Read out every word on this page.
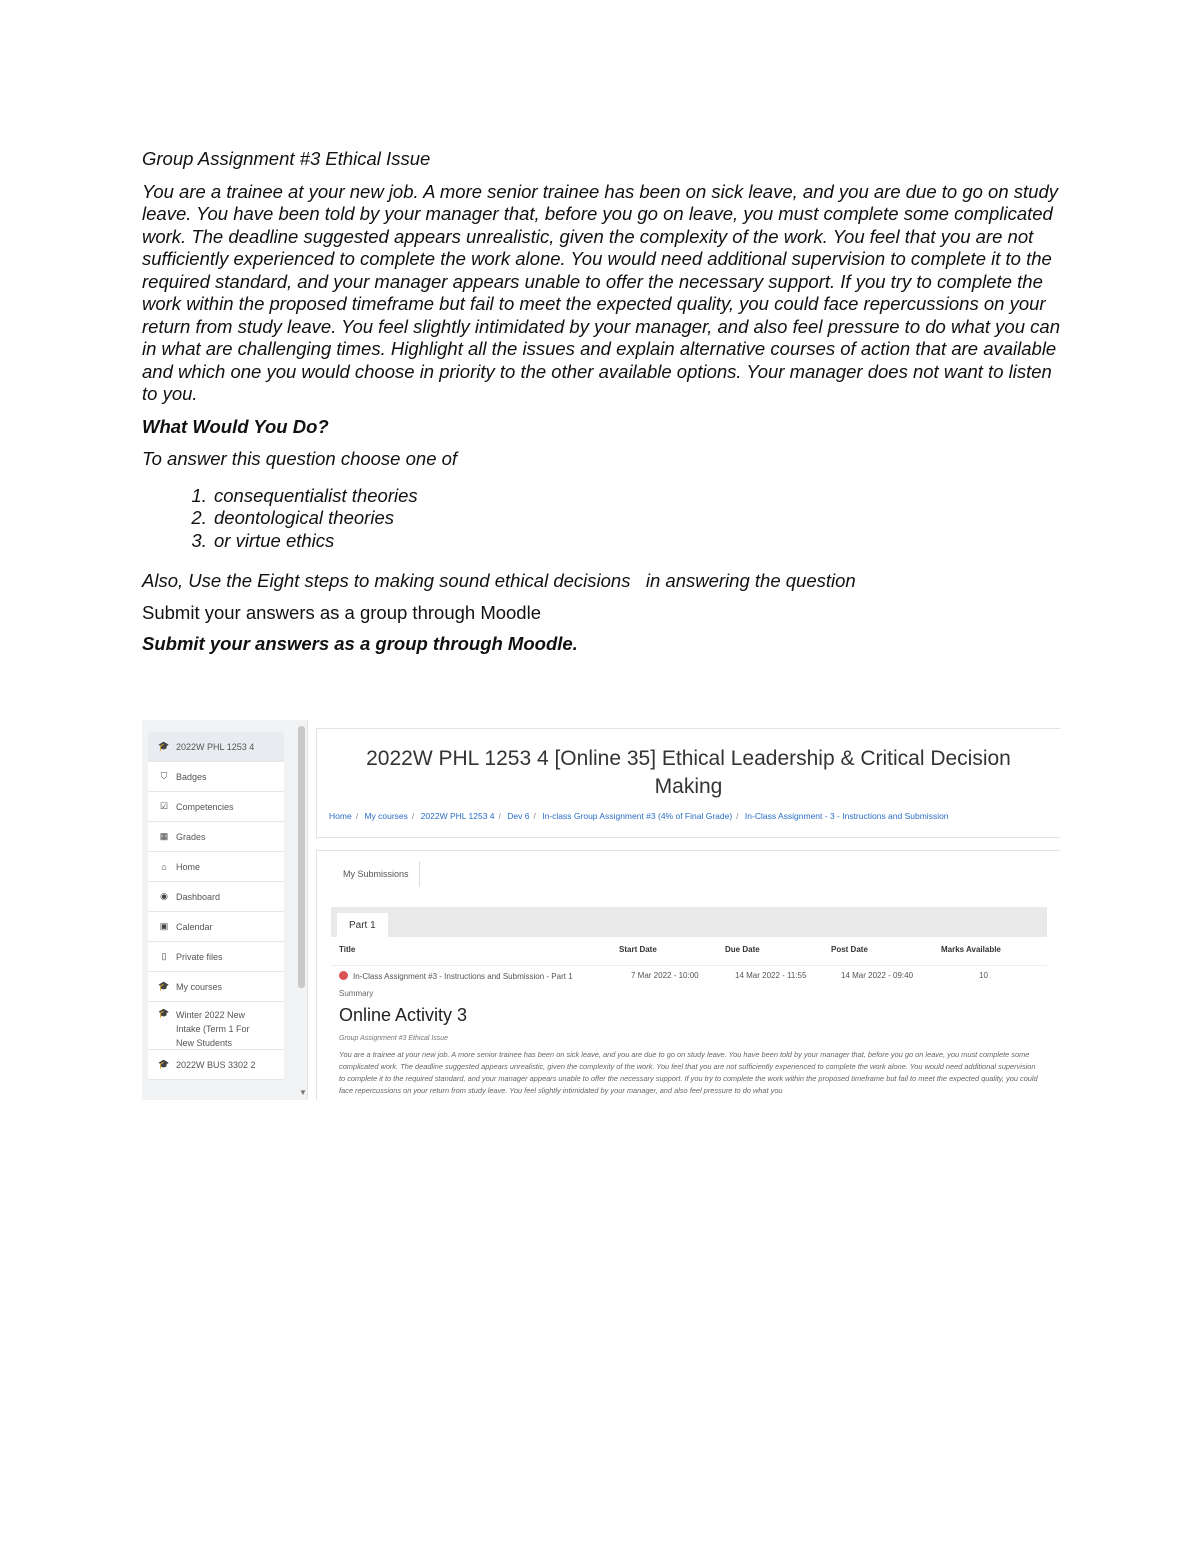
Group Assignment #3 Ethical Issue

You are a trainee at your new job. A more senior trainee has been on sick leave, and you are due to go on study leave. You have been told by your manager that, before you go on leave, you must complete some complicated work. The deadline suggested appears unrealistic, given the complexity of the work. You feel that you are not sufficiently experienced to complete the work alone. You would need additional supervision to complete it to the required standard, and your manager appears unable to offer the necessary support. If you try to complete the work within the proposed timeframe but fail to meet the expected quality, you could face repercussions on your return from study leave. You feel slightly intimidated by your manager, and also feel pressure to do what you can in what are challenging times. Highlight all the issues and explain alternative courses of action that are available and which one you would choose in priority to the other available options. Your manager does not want to listen to you.

What Would You Do?

To answer this question choose one of

1. consequentialist theories
2. deontological theories
3. or virtue ethics

Also, Use the Eight steps to making sound ethical decisions   in answering the question

Submit your answers as a group through Moodle

Submit your answers as a group through Moodle.

🎓 2022W PHL 1253 4
⛉ Badges
☑ Competencies
▦ Grades
⌂	Home
◉ Dashboard
▣ Calendar
▯	Private files
🎓 My courses
🎓 Winter 2022 New
Intake (Term 1 For
New Students
🎓 2022W BUS 3302 2
▼
2022W PHL 1253 4 [Online 35] Ethical Leadership & Critical Decision Making
Home / My courses / 2022W PHL 1253 4 / Dev 6 / In-class Group Assignment #3 (4% of Final Grade) / In-Class Assignment - 3 - Instructions and Submission
My Submissions
Part 1
Title	Start Date	Due Date	Post Date	Marks Available
In-Class Assignment #3 - Instructions and Submission - Part 1	7 Mar 2022 - 10:00	14 Mar 2022 - 11:55	14 Mar 2022 - 09:40	10
Summary
Online Activity 3
Group Assignment #3 Ethical Issue
You are a trainee at your new job. A more senior trainee has been on sick leave, and you are due to go on study leave. You have been told by your manager that, before you go on leave, you must complete some complicated work. The deadline suggested appears unrealistic, given the complexity of the work. You feel that you are not sufficiently experienced to complete the work alone. You would need additional supervision to complete it to the required standard, and your manager appears unable to offer the necessary support. If you try to complete the work within the proposed timeframe but fail to meet the expected quality, you could face repercussions on your return from study leave. You feel slightly intimidated by your manager, and also feel pressure to do what you
